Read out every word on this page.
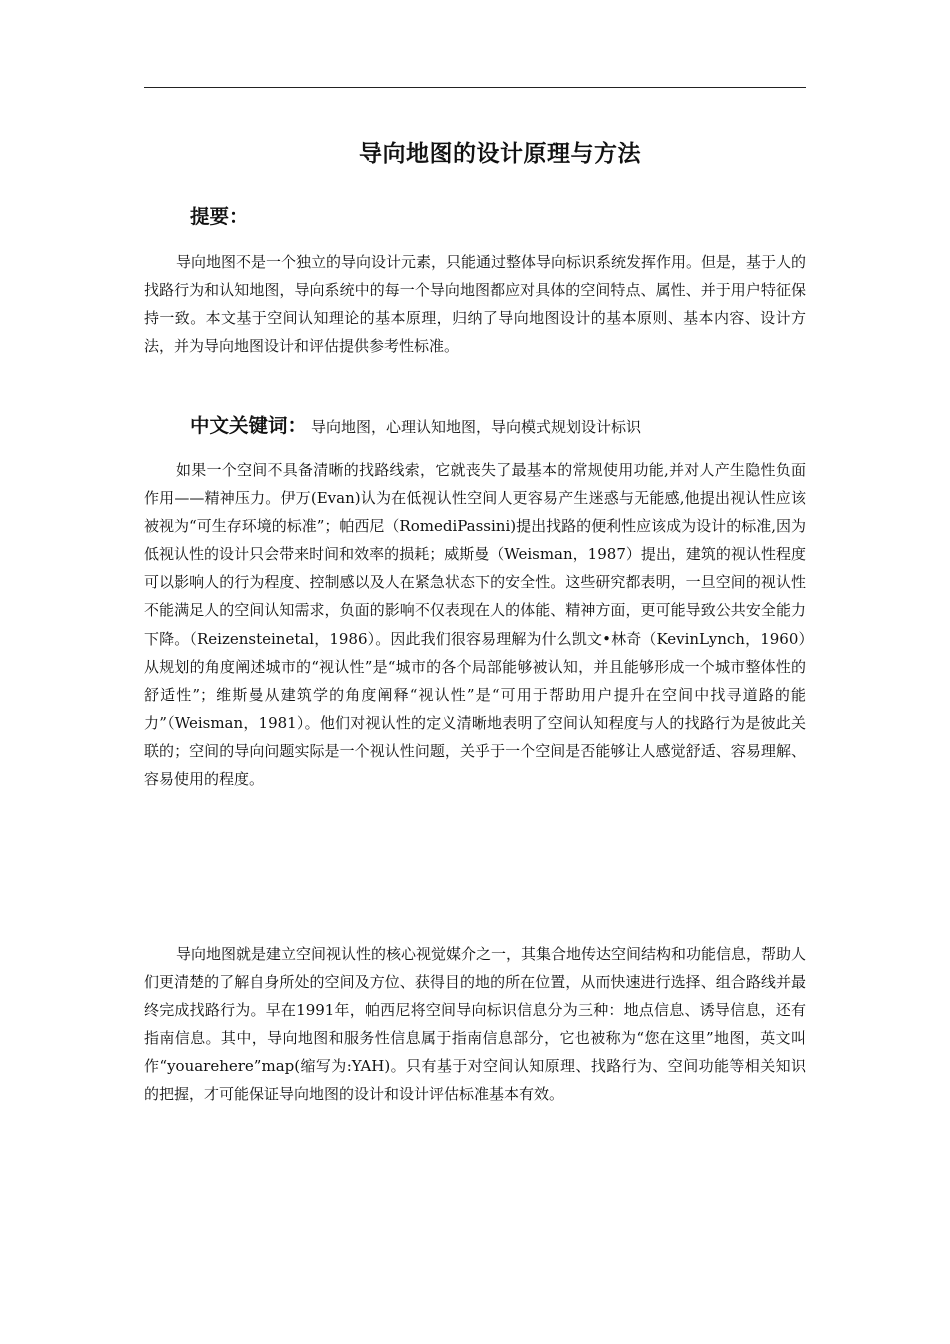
导向地图的设计原理与方法
提要：

导向地图不是一个独立的导向设计元素，只能通过整体导向标识系统发挥作用。但是，基于人的找路行为和认知地图，导向系统中的每一个导向地图都应对具体的空间特点、属性、并于用户特征保持一致。本文基于空间认知理论的基本原理，归纳了导向地图设计的基本原则、基本内容、设计方法，并为导向地图设计和评估提供参考性标准。

中文关键词： 导向地图，心理认知地图，导向模式规划设计标识

如果一个空间不具备清晰的找路线索，它就丧失了最基本的常规使用功能,并对人产生隐性负面作用——精神压力。伊万(Evan)认为在低视认性空间人更容易产生迷惑与无能感,他提出视认性应该被视为“可生存环境的标准”；帕西尼（RomediPassini)提出找路的便利性应该成为设计的标准,因为低视认性的设计只会带来时间和效率的损耗；威斯曼（Weisman，1987）提出，建筑的视认性程度可以影响人的行为程度、控制感以及人在紧急状态下的安全性。这些研究都表明，一旦空间的视认性不能满足人的空间认知需求，负面的影响不仅表现在人的体能、精神方面，更可能导致公共安全能力下降。（Reizensteinetal，1986）。因此我们很容易理解为什么凯文•林奇（KevinLynch，1960）从规划的角度阐述城市的“视认性”是“城市的各个局部能够被认知，并且能够形成一个城市整体性的舒适性”；维斯曼从建筑学的角度阐释“视认性”是“可用于帮助用户提升在空间中找寻道路的能力”（Weisman，1981）。他们对视认性的定义清晰地表明了空间认知程度与人的找路行为是彼此关联的；空间的导向问题实际是一个视认性问题，关乎于一个空间是否能够让人感觉舒适、容易理解、容易使用的程度。

导向地图就是建立空间视认性的核心视觉媒介之一，其集合地传达空间结构和功能信息，帮助人们更清楚的了解自身所处的空间及方位、获得目的地的所在位置，从而快速进行选择、组合路线并最终完成找路行为。早在1991年，帕西尼将空间导向标识信息分为三种：地点信息、诱导信息，还有指南信息。其中，导向地图和服务性信息属于指南信息部分，它也被称为“您在这里”地图，英文叫作“youarehere”map(缩写为:YAH)。只有基于对空间认知原理、找路行为、空间功能等相关知识的把握，才可能保证导向地图的设计和设计评估标准基本有效。
